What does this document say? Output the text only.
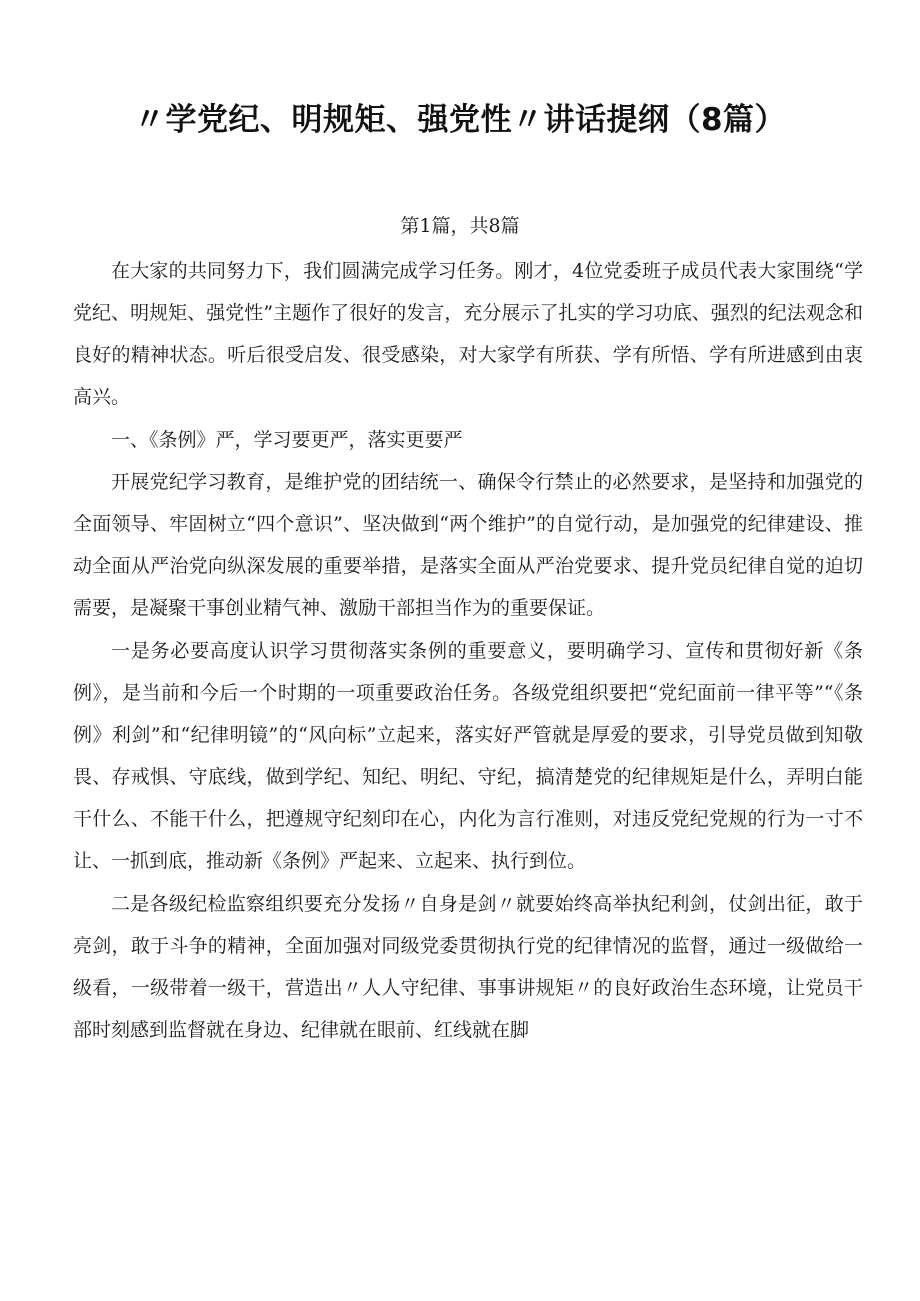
〃学党纪、明规矩、强党性〃讲话提纲（8篇）
第1篇，共8篇

在大家的共同努力下，我们圆满完成学习任务。刚才，4位党委班子成员代表大家围绕“学党纪、明规矩、强党性”主题作了很好的发言，充分展示了扎实的学习功底、强烈的纪法观念和良好的精神状态。听后很受启发、很受感染，对大家学有所获、学有所悟、学有所进感到由衷高兴。

一、《条例》严，学习要更严，落实更要严

开展党纪学习教育，是维护党的团结统一、确保令行禁止的必然要求，是坚持和加强党的全面领导、牢固树立“四个意识”、坚决做到“两个维护”的自觉行动，是加强党的纪律建设、推动全面从严治党向纵深发展的重要举措，是落实全面从严治党要求、提升党员纪律自觉的迫切需要，是凝聚干事创业精气神、激励干部担当作为的重要保证。

一是务必要高度认识学习贯彻落实条例的重要意义，要明确学习、宣传和贯彻好新《条例》，是当前和今后一个时期的一项重要政治任务。各级党组织要把“党纪面前一律平等”“《条例》利剑”和“纪律明镜”的“风向标”立起来，落实好严管就是厚爱的要求，引导党员做到知敬畏、存戒惧、守底线，做到学纪、知纪、明纪、守纪，搞清楚党的纪律规矩是什么，弄明白能干什么、不能干什么，把遵规守纪刻印在心，内化为言行准则，对违反党纪党规的行为一寸不让、一抓到底，推动新《条例》严起来、立起来、执行到位。

二是各级纪检监察组织要充分发扬〃自身是剑〃就要始终高举执纪利剑，仗剑出征，敢于亮剑，敢于斗争的精神，全面加强对同级党委贯彻执行党的纪律情况的监督，通过一级做给一级看，一级带着一级干，营造出〃人人守纪律、事事讲规矩〃的良好政治生态环境，让党员干部时刻感到监督就在身边、纪律就在眼前、红线就在脚
